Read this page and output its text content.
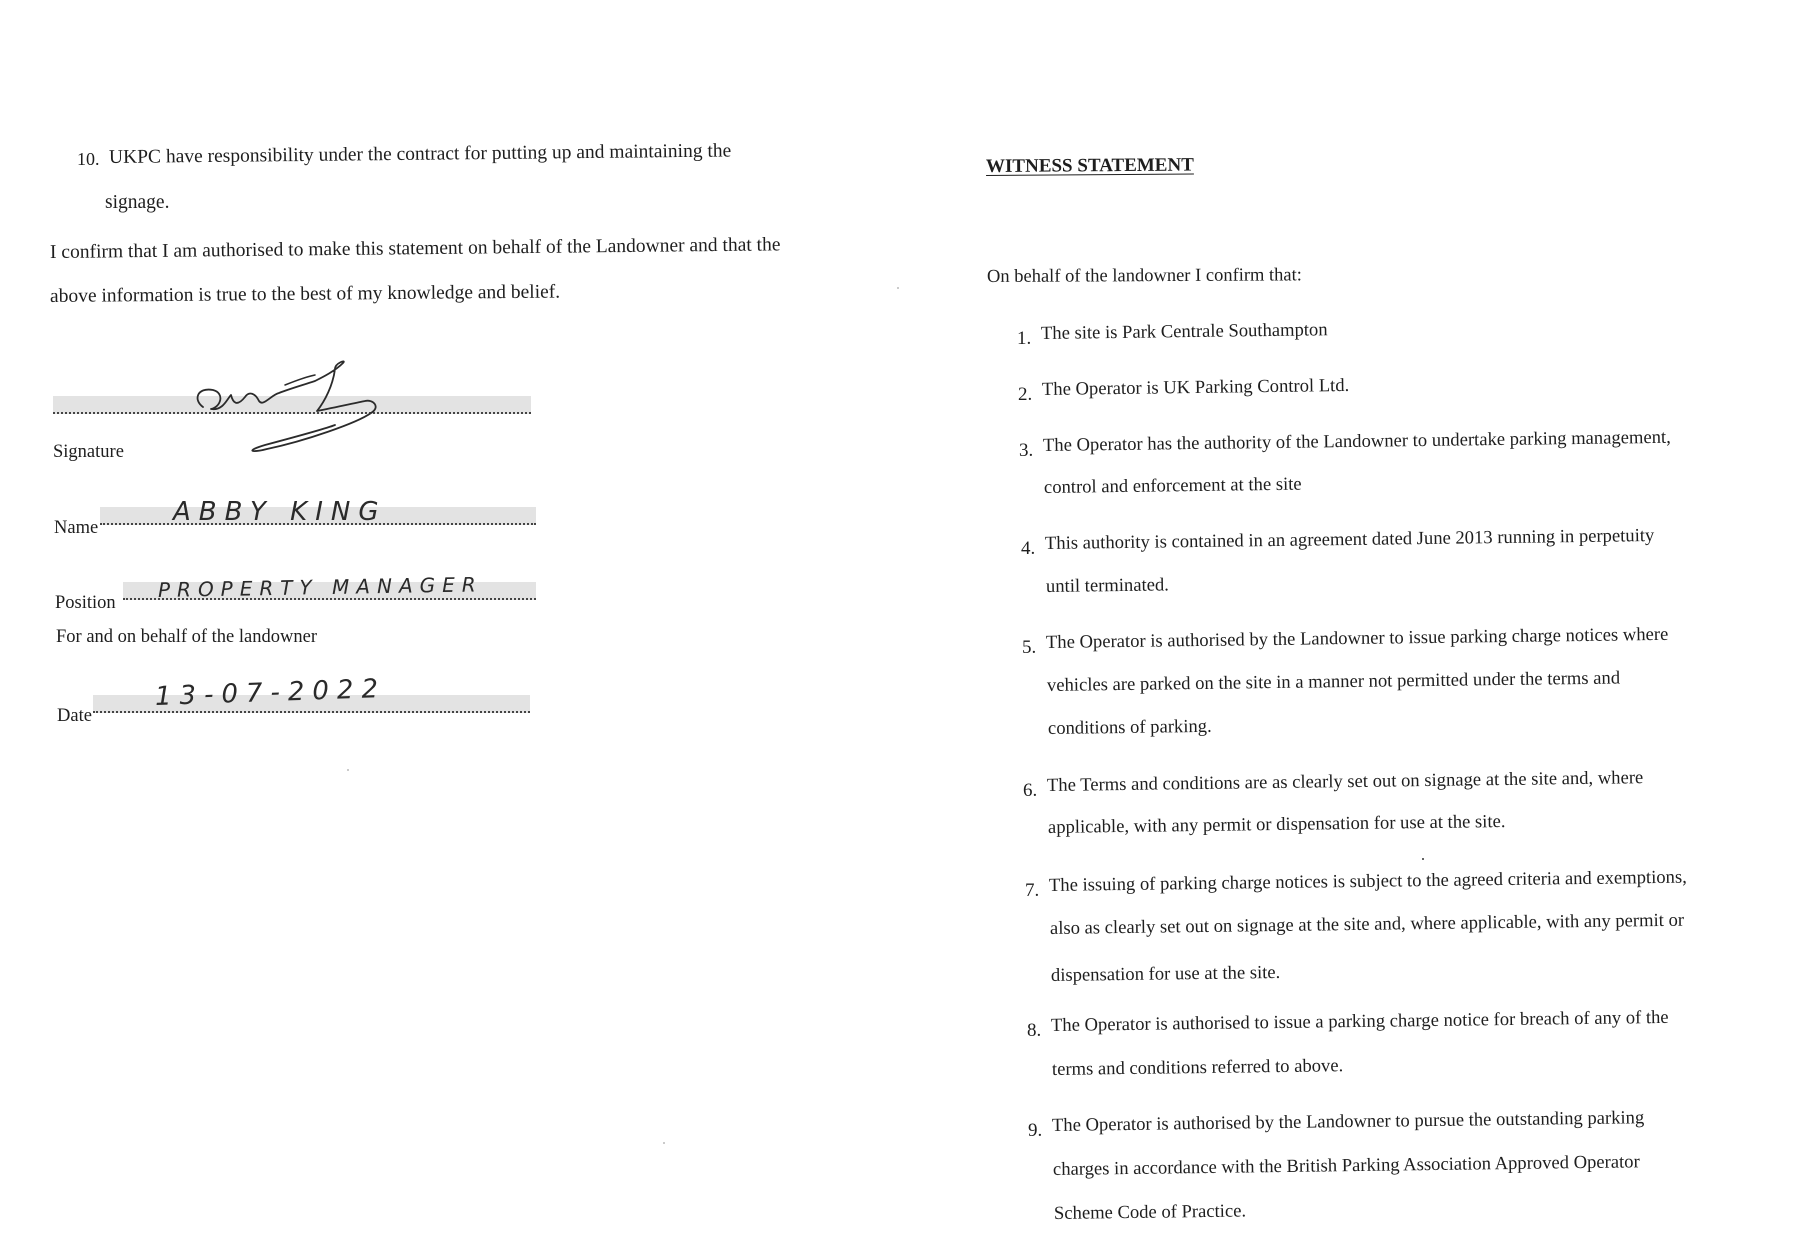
10. UKPC have responsibility under the contract for putting up and maintaining the
signage.
I confirm that I am authorised to make this statement on behalf of the Landowner and that the
above information is true to the best of my knowledge and belief.
Signature
Name
ABBY KING
Position
PROPERTY MANAGER
For and on behalf of the landowner
Date
13-07-2022
WITNESS STATEMENT
On behalf of the landowner I confirm that:
1. The site is Park Centrale Southampton
2. The Operator is UK Parking Control Ltd.
3. The Operator has the authority of the Landowner to undertake parking management,
control and enforcement at the site
4. This authority is contained in an agreement dated June 2013 running in perpetuity
until terminated.
5. The Operator is authorised by the Landowner to issue parking charge notices where
vehicles are parked on the site in a manner not permitted under the terms and
conditions of parking.
6. The Terms and conditions are as clearly set out on signage at the site and, where
applicable, with any permit or dispensation for use at the site.
7. The issuing of parking charge notices is subject to the agreed criteria and exemptions,
also as clearly set out on signage at the site and, where applicable, with any permit or
dispensation for use at the site.
8. The Operator is authorised to issue a parking charge notice for breach of any of the
terms and conditions referred to above.
9. The Operator is authorised by the Landowner to pursue the outstanding parking
charges in accordance with the British Parking Association Approved Operator
Scheme Code of Practice.
